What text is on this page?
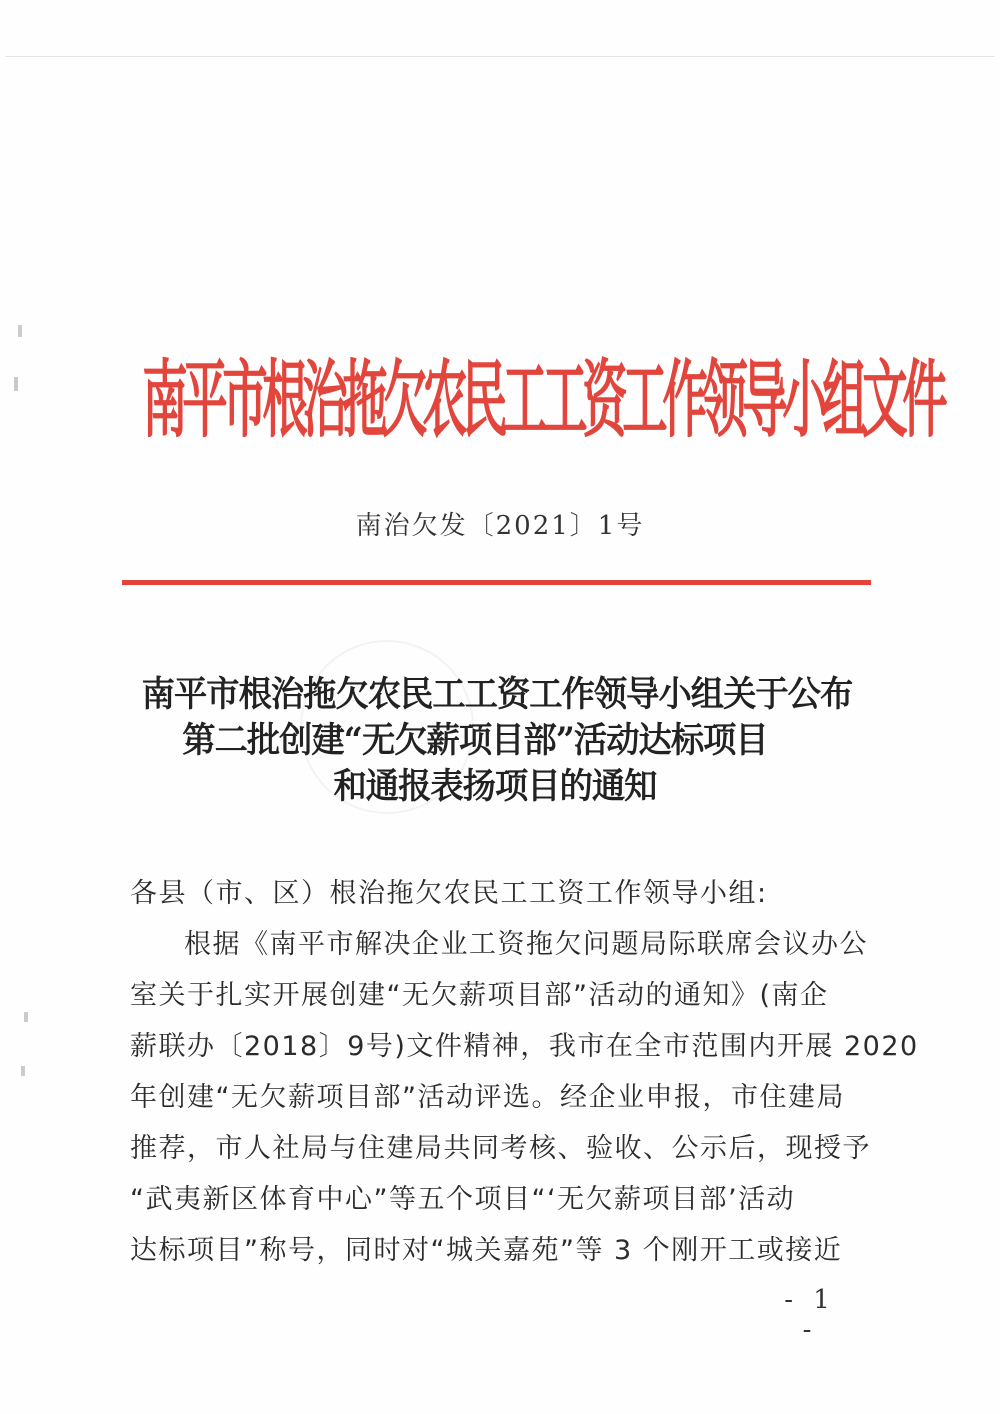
南
平
市
根
治
拖
欠
农
民
工
工
资
工
作
领
导
小
组
文
件
南治欠发〔2021〕1号
南平市根治拖欠农民工工资工作领导小组关于公布
第二批创建“无欠薪项目部”活动达标项目
和通报表扬项目的通知
各县（市、区）根治拖欠农民工工资工作领导小组:
根据《南平市解决企业工资拖欠问题局际联席会议办公
室关于扎实开展创建“无欠薪项目部”活动的通知》(南企
薪联办〔2018〕9号)文件精神，我市在全市范围内开展 2020
年创建“无欠薪项目部”活动评选。经企业申报，市住建局
推荐，市人社局与住建局共同考核、验收、公示后，现授予
“武夷新区体育中心”等五个项目“‘无欠薪项目部’活动
达标项目”称号，同时对“城关嘉苑”等 3 个刚开工或接近
- 1 -
